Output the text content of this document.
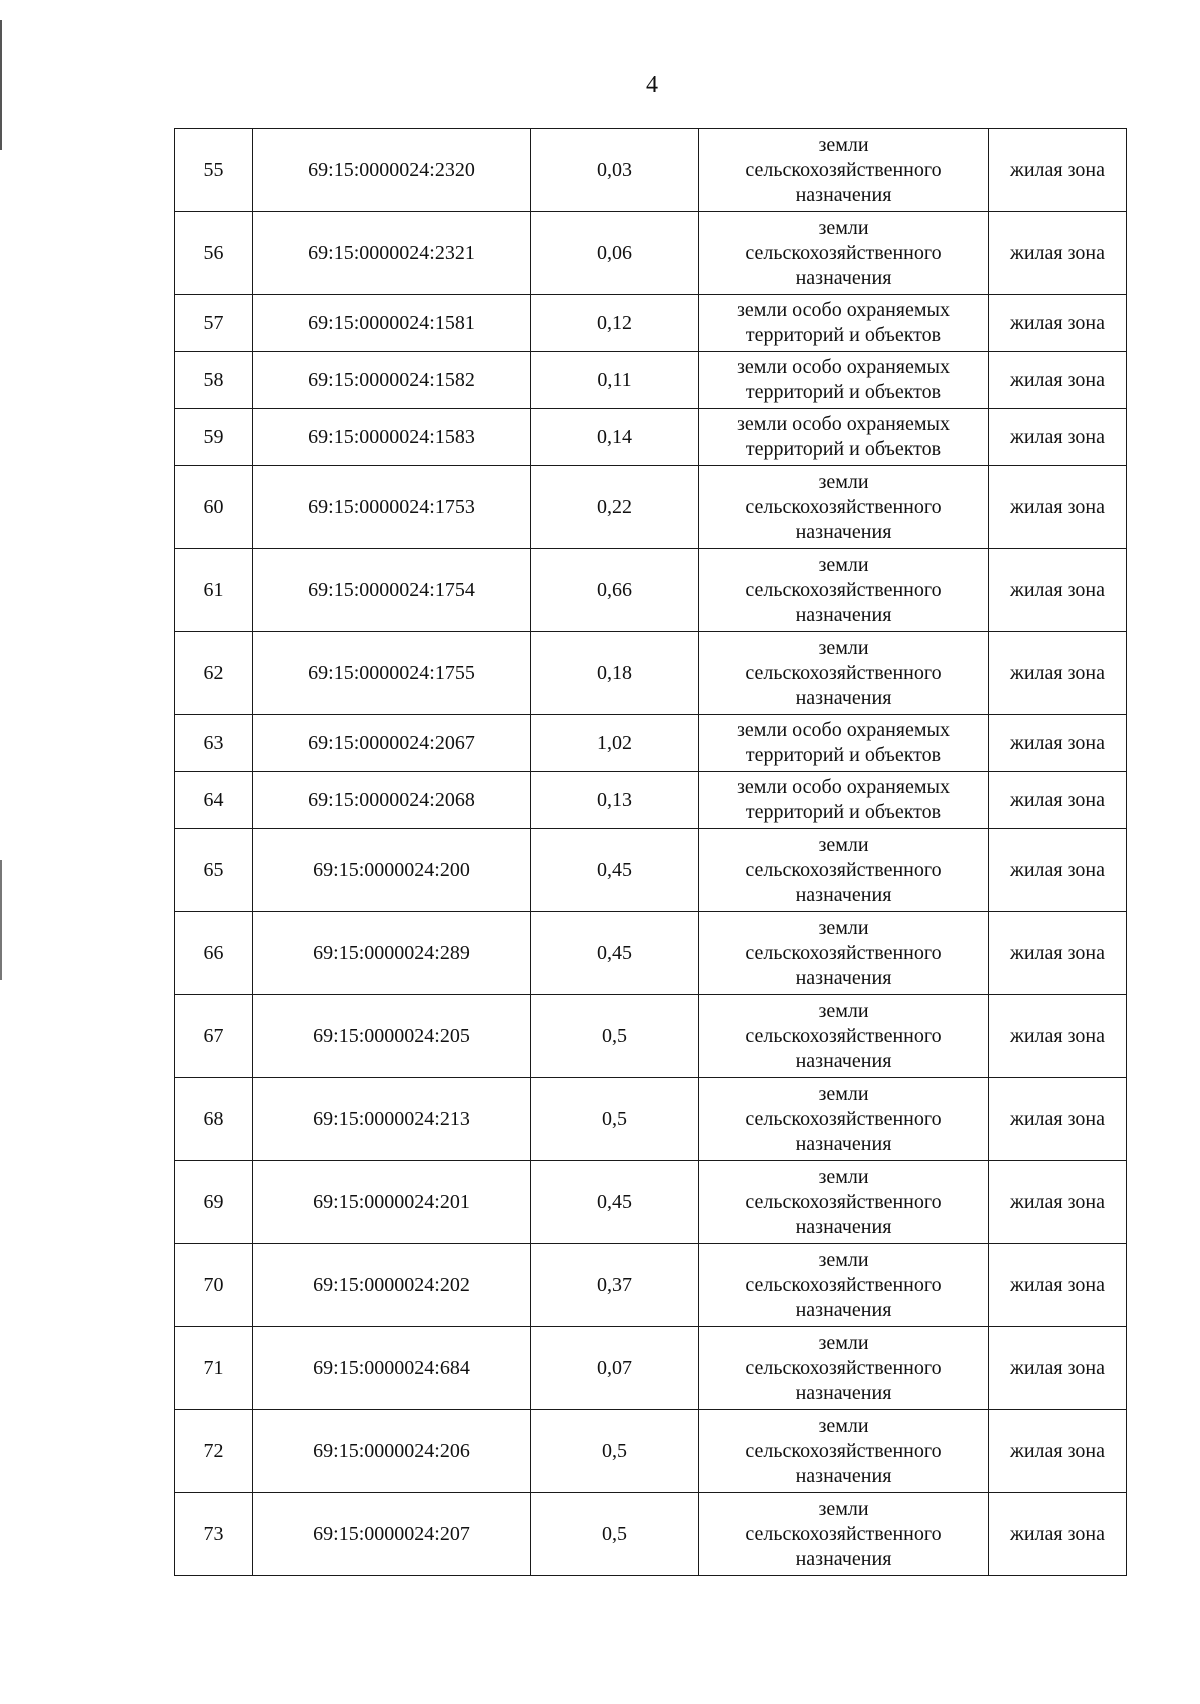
4
55	69:15:0000024:2320	0,03	земли сельскохозяйственного назначения	жилая зона
56	69:15:0000024:2321	0,06	земли сельскохозяйственного назначения	жилая зона
57	69:15:0000024:1581	0,12	земли особо охраняемых территорий и объектов	жилая зона
58	69:15:0000024:1582	0,11	земли особо охраняемых территорий и объектов	жилая зона
59	69:15:0000024:1583	0,14	земли особо охраняемых территорий и объектов	жилая зона
60	69:15:0000024:1753	0,22	земли сельскохозяйственного назначения	жилая зона
61	69:15:0000024:1754	0,66	земли сельскохозяйственного назначения	жилая зона
62	69:15:0000024:1755	0,18	земли сельскохозяйственного назначения	жилая зона
63	69:15:0000024:2067	1,02	земли особо охраняемых территорий и объектов	жилая зона
64	69:15:0000024:2068	0,13	земли особо охраняемых территорий и объектов	жилая зона
65	69:15:0000024:200	0,45	земли сельскохозяйственного назначения	жилая зона
66	69:15:0000024:289	0,45	земли сельскохозяйственного назначения	жилая зона
67	69:15:0000024:205	0,5	земли сельскохозяйственного назначения	жилая зона
68	69:15:0000024:213	0,5	земли сельскохозяйственного назначения	жилая зона
69	69:15:0000024:201	0,45	земли сельскохозяйственного назначения	жилая зона
70	69:15:0000024:202	0,37	земли сельскохозяйственного назначения	жилая зона
71	69:15:0000024:684	0,07	земли сельскохозяйственного назначения	жилая зона
72	69:15:0000024:206	0,5	земли сельскохозяйственного назначения	жилая зона
73	69:15:0000024:207	0,5	земли сельскохозяйственного назначения	жилая зона
